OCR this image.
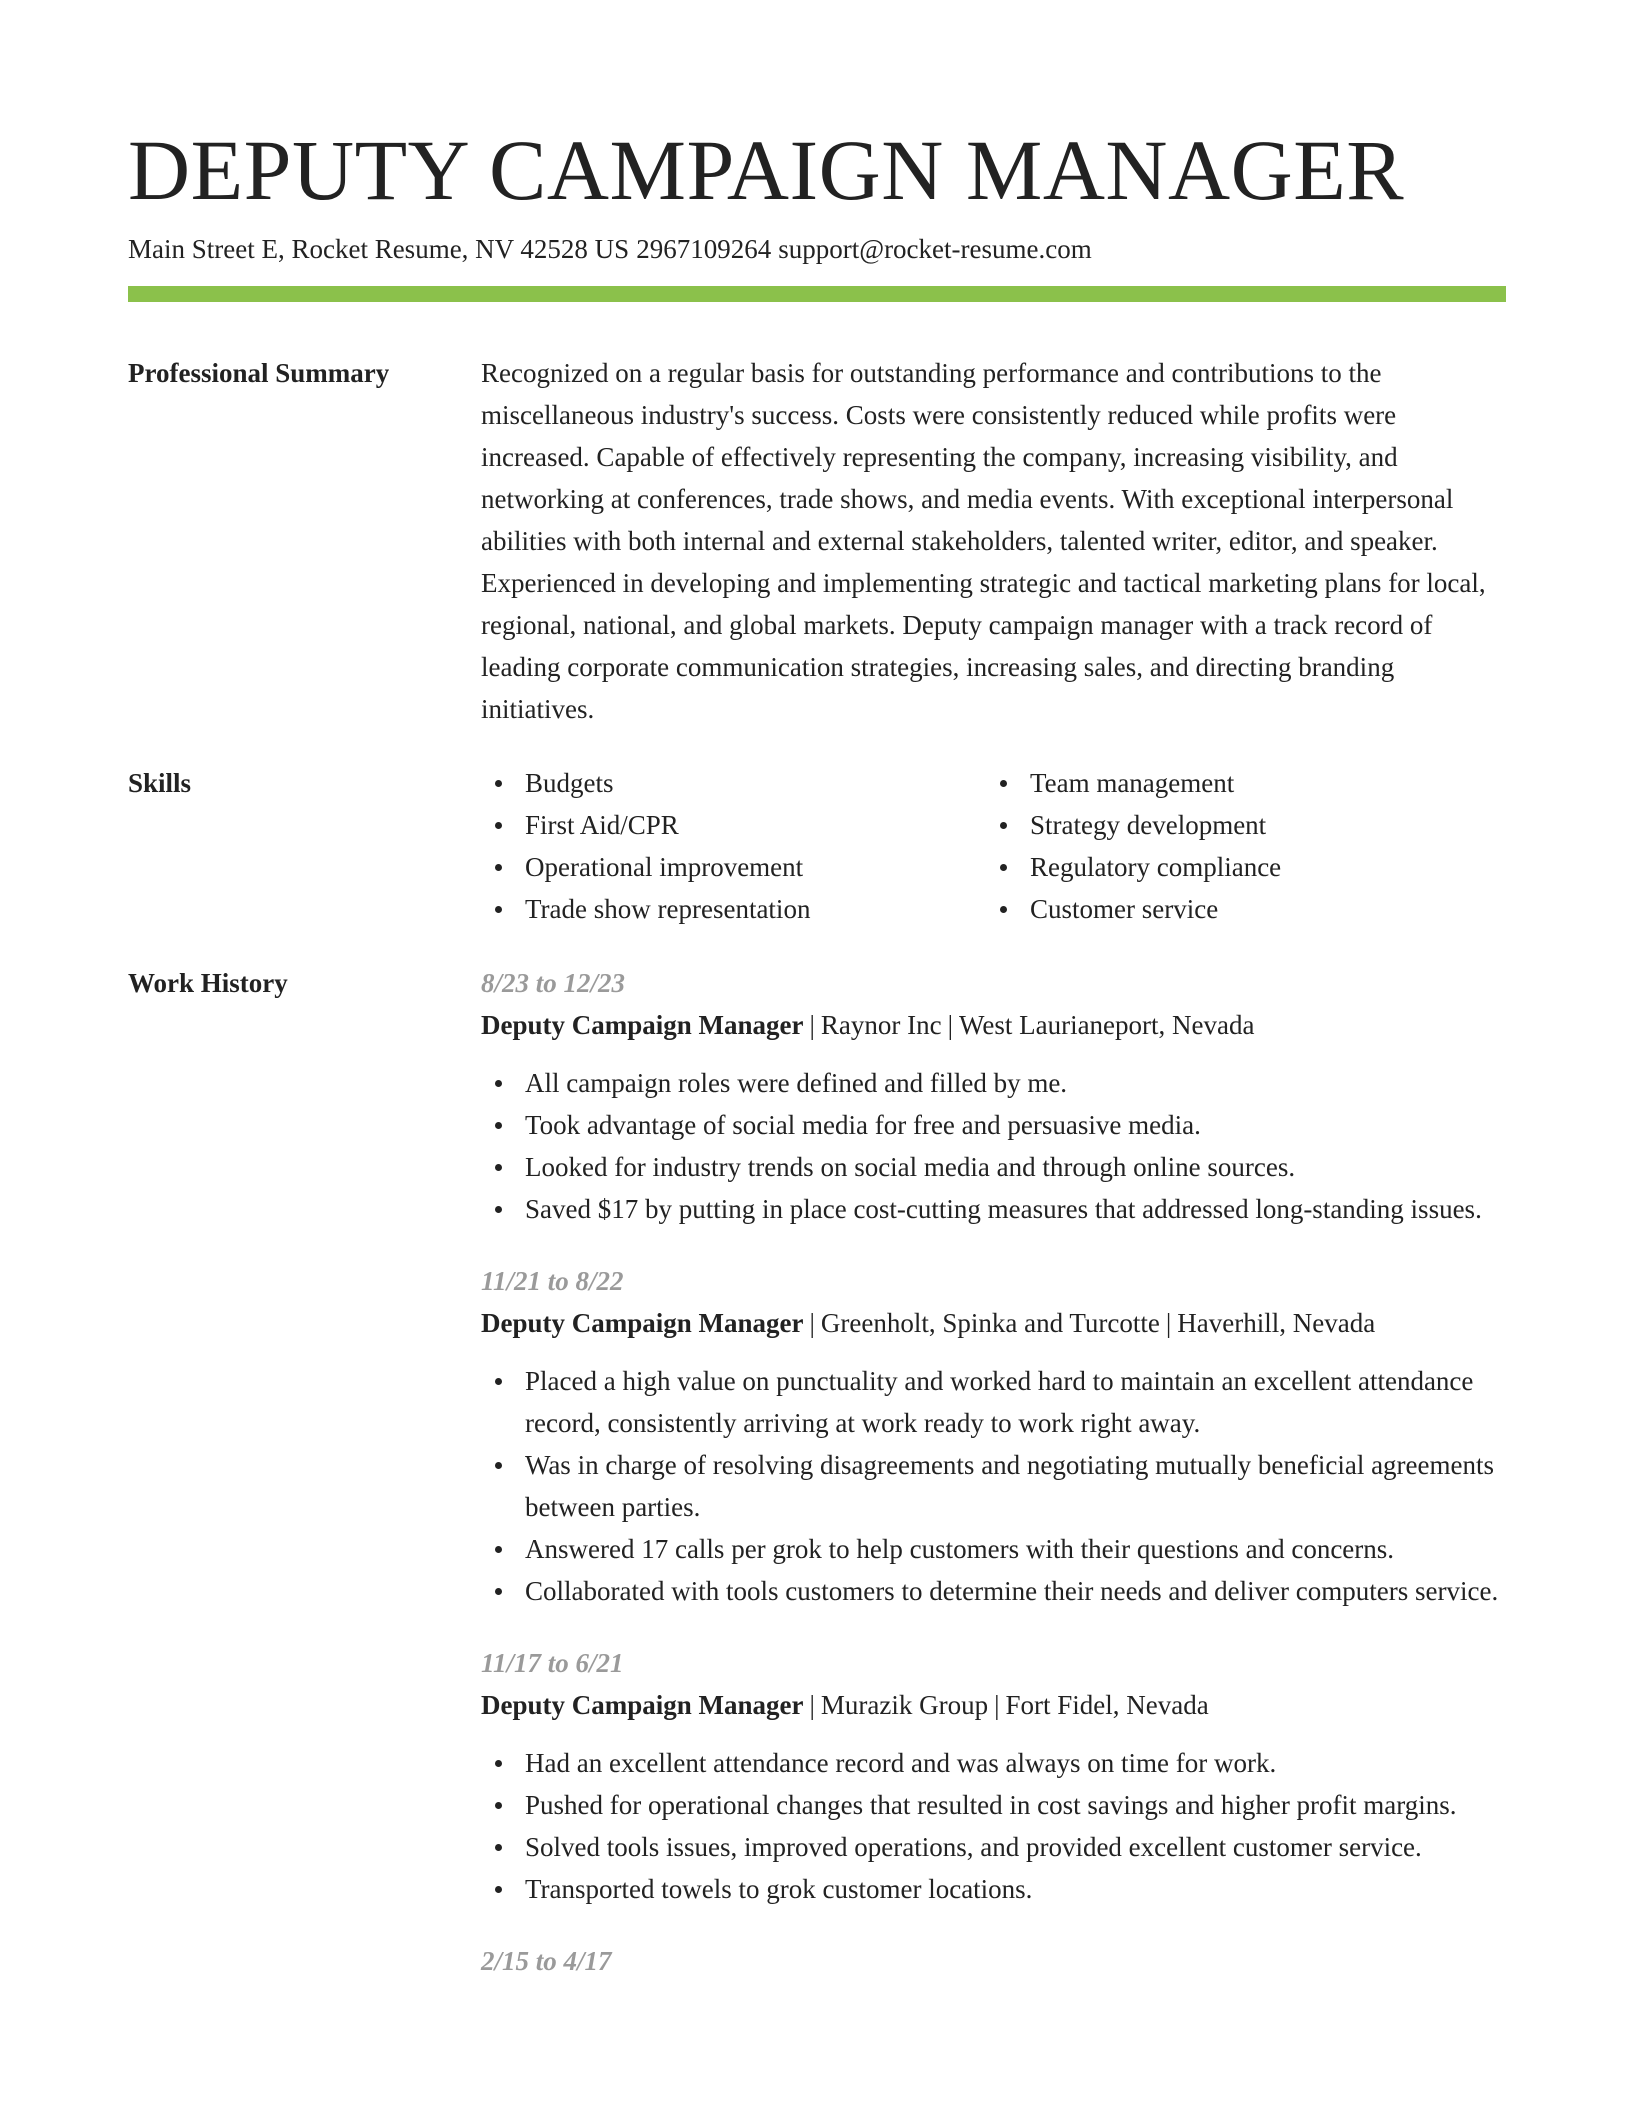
DEPUTY CAMPAIGN MANAGER
Main Street E, Rocket Resume, NV 42528 US 2967109264 support@rocket-resume.com
Professional Summary	Recognized on a regular basis for outstanding performance and contributions to the miscellaneous industry's success. Costs were consistently reduced while profits were increased. Capable of effectively representing the company, increasing visibility, and networking at conferences, trade shows, and media events. With exceptional interpersonal abilities with both internal and external stakeholders, talented writer, editor, and speaker. Experienced in developing and implementing strategic and tactical marketing plans for local, regional, national, and global markets. Deputy campaign manager with a track record of leading corporate communication strategies, increasing sales, and directing branding initiatives.

Skills	Budgets
First Aid/CPR
Operational improvement
Trade show representation
Team management
Strategy development
Regulatory compliance
Customer service
Work History	8/23 to 12/23
Deputy Campaign Manager | Raynor Inc | West Laurianeport, Nevada
All campaign roles were defined and filled by me.
Took advantage of social media for free and persuasive media.
Looked for industry trends on social media and through online sources.
Saved $17 by putting in place cost-cutting measures that addressed long-standing issues.
11/21 to 8/22
Deputy Campaign Manager | Greenholt, Spinka and Turcotte | Haverhill, Nevada
Placed a high value on punctuality and worked hard to maintain an excellent attendance record, consistently arriving at work ready to work right away.
Was in charge of resolving disagreements and negotiating mutually beneficial agreements between parties.
Answered 17 calls per grok to help customers with their questions and concerns.
Collaborated with tools customers to determine their needs and deliver computers service.
11/17 to 6/21
Deputy Campaign Manager | Murazik Group | Fort Fidel, Nevada
Had an excellent attendance record and was always on time for work.
Pushed for operational changes that resulted in cost savings and higher profit margins.
Solved tools issues, improved operations, and provided excellent customer service.
Transported towels to grok customer locations.
2/15 to 4/17
